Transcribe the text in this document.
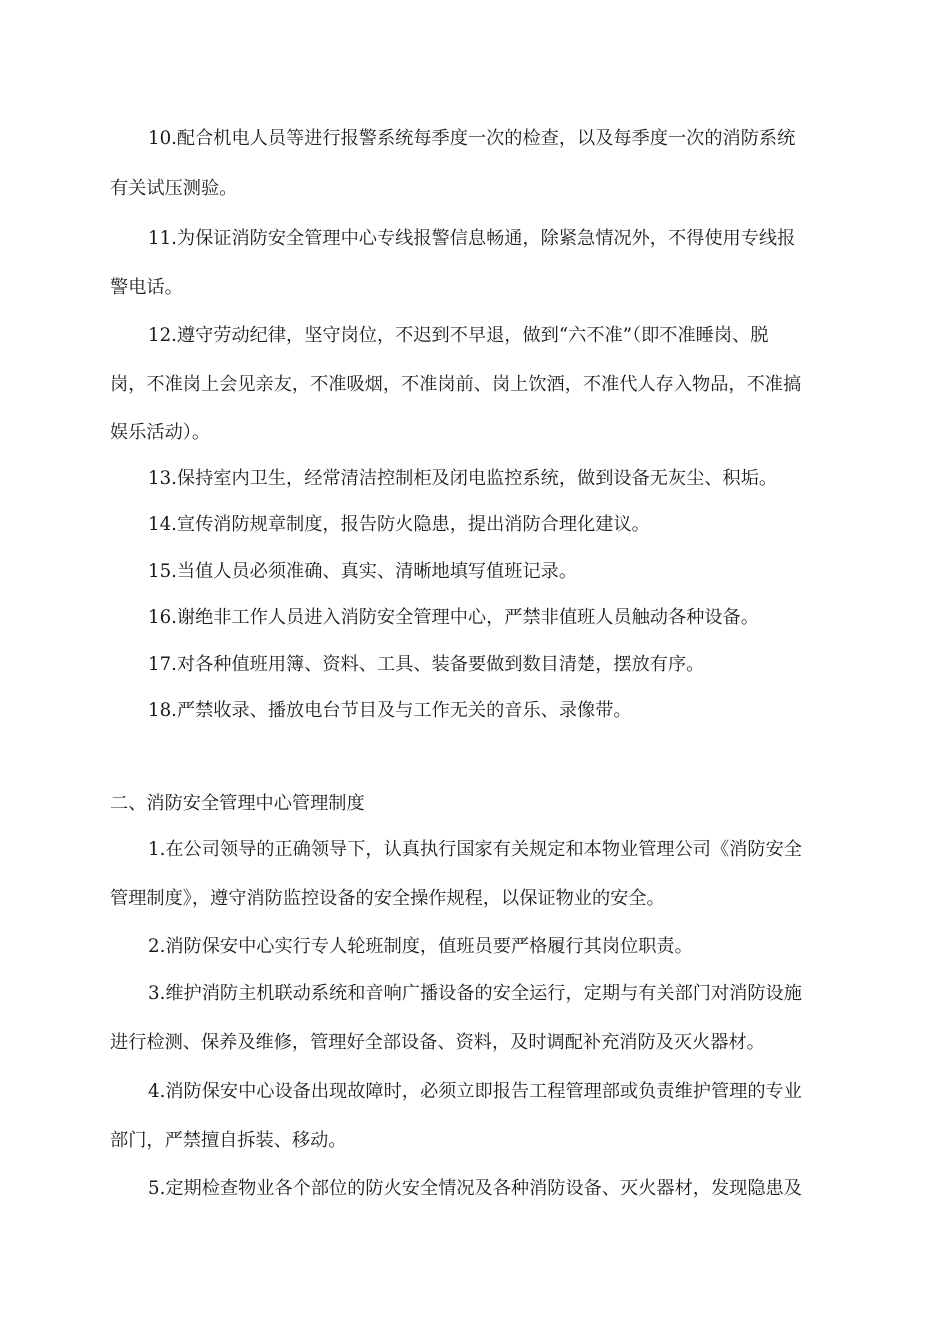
10.配合机电人员等进行报警系统每季度一次的检查，以及每季度一次的消防系统
有关试压测验。
11.为保证消防安全管理中心专线报警信息畅通，除紧急情况外，不得使用专线报
警电话。
12.遵守劳动纪律，坚守岗位，不迟到不早退，做到“六不准”（即不准睡岗、脱
岗，不准岗上会见亲友，不准吸烟，不准岗前、岗上饮酒，不准代人存入物品，不准搞
娱乐活动）。
13.保持室内卫生，经常清洁控制柜及闭电监控系统，做到设备无灰尘、积垢。
14.宣传消防规章制度，报告防火隐患，提出消防合理化建议。
15.当值人员必须准确、真实、清晰地填写值班记录。
16.谢绝非工作人员进入消防安全管理中心，严禁非值班人员触动各种设备。
17.对各种值班用簿、资料、工具、装备要做到数目清楚，摆放有序。
18.严禁收录、播放电台节目及与工作无关的音乐、录像带。
二、消防安全管理中心管理制度
1.在公司领导的正确领导下，认真执行国家有关规定和本物业管理公司《消防安全
管理制度》，遵守消防监控设备的安全操作规程，以保证物业的安全。
2.消防保安中心实行专人轮班制度，值班员要严格履行其岗位职责。
3.维护消防主机联动系统和音响广播设备的安全运行，定期与有关部门对消防设施
进行检测、保养及维修，管理好全部设备、资料，及时调配补充消防及灭火器材。
4.消防保安中心设备出现故障时，必须立即报告工程管理部或负责维护管理的专业
部门，严禁擅自拆装、移动。
5.定期检查物业各个部位的防火安全情况及各种消防设备、灭火器材，发现隐患及
